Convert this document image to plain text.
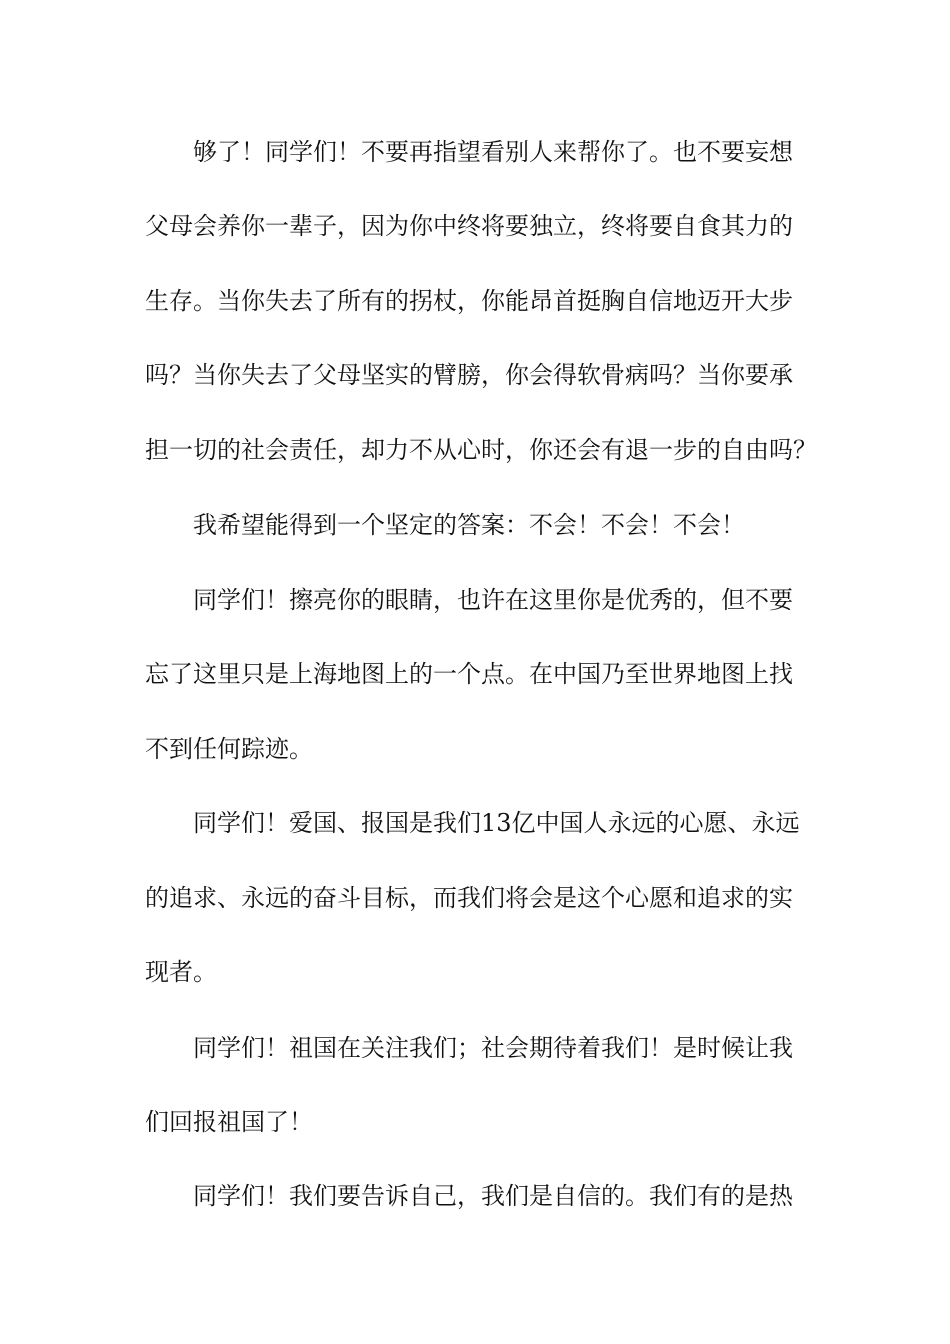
够了！同学们！不要再指望看别人来帮你了。也不要妄想
父母会养你一辈子，因为你中终将要独立，终将要自食其力的
生存。当你失去了所有的拐杖，你能昂首挺胸自信地迈开大步
吗？当你失去了父母坚实的臂膀，你会得软骨病吗？当你要承
担一切的社会责任，却力不从心时，你还会有退一步的自由吗？
我希望能得到一个坚定的答案：不会！不会！不会！
同学们！擦亮你的眼睛，也许在这里你是优秀的，但不要
忘了这里只是上海地图上的一个点。在中国乃至世界地图上找
不到任何踪迹。
同学们！爱国、报国是我们13亿中国人永远的心愿、永远
的追求、永远的奋斗目标，而我们将会是这个心愿和追求的实
现者。
同学们！祖国在关注我们；社会期待着我们！是时候让我
们回报祖国了！
同学们！我们要告诉自己，我们是自信的。我们有的是热
